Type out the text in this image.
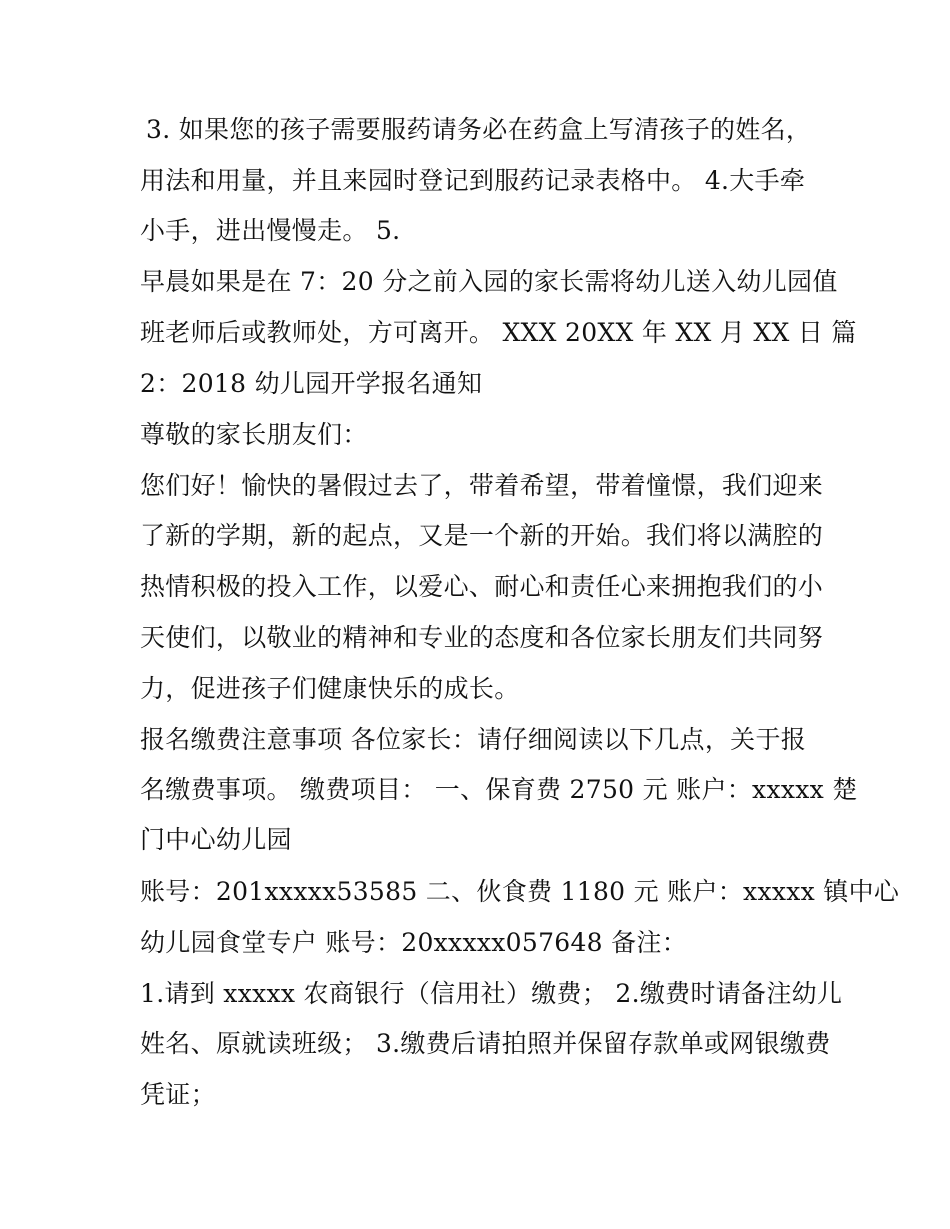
3. 如果您的孩子需要服药请务必在药盒上写清孩子的姓名，
用法和用量，并且来园时登记到服药记录表格中。 4.大手牵
小手，进出慢慢走。 5.
早晨如果是在 7：20 分之前入园的家长需将幼儿送入幼儿园值
班老师后或教师处，方可离开。 XXX 20XX 年 XX 月 XX 日 篇
2：2018 幼儿园开学报名通知
尊敬的家长朋友们：
您们好！愉快的暑假过去了，带着希望，带着憧憬，我们迎来
了新的学期，新的起点，又是一个新的开始。我们将以满腔的
热情积极的投入工作，以爱心、耐心和责任心来拥抱我们的小
天使们，以敬业的精神和专业的态度和各位家长朋友们共同努
力，促进孩子们健康快乐的成长。
报名缴费注意事项 各位家长：请仔细阅读以下几点，关于报
名缴费事项。 缴费项目： 一、保育费 2750 元 账户：xxxxx 楚
门中心幼儿园
账号：201xxxxx53585 二、伙食费 1180 元 账户：xxxxx 镇中心
幼儿园食堂专户 账号：20xxxxx057648 备注：
1.请到 xxxxx 农商银行（信用社）缴费； 2.缴费时请备注幼儿
姓名、原就读班级； 3.缴费后请拍照并保留存款单或网银缴费
凭证；
